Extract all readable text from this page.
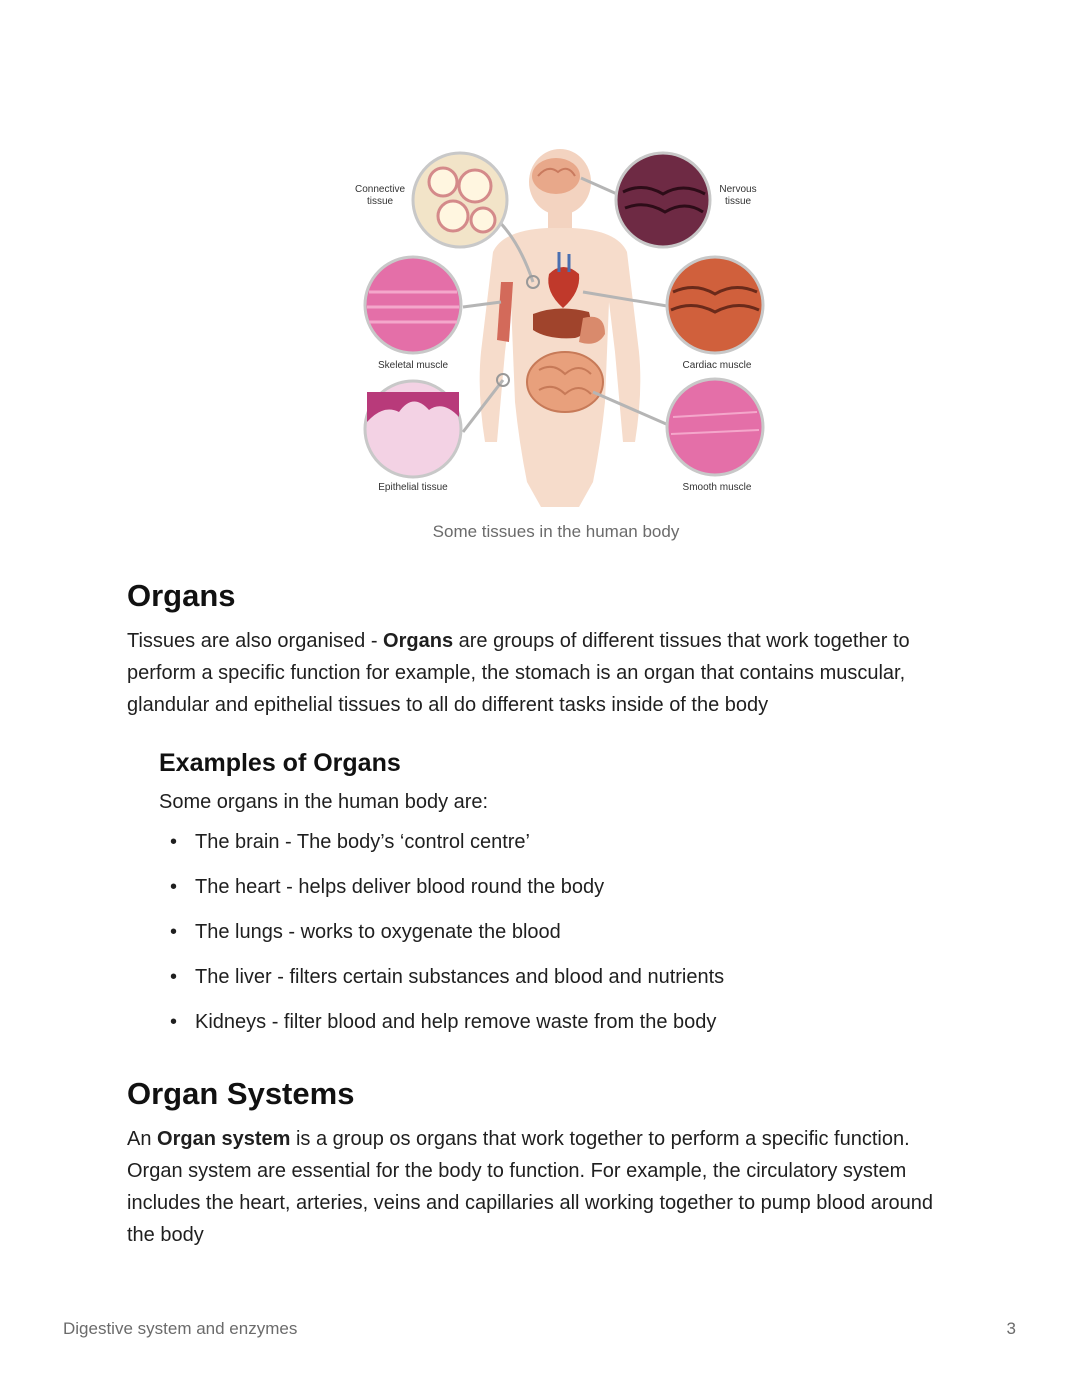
Connective
tissue
Nervous
tissue
Skeletal muscle	Cardiac muscle
Epithelial tissue	Smooth muscle
Some tissues in the human body
Organs

Tissues are also organised - Organs are groups of different tissues that work together to perform a specific function for example, the stomach is an organ that contains muscular, glandular and epithelial tissues to all do different tasks inside of the body

Examples of Organs

Some organs in the human body are:

• The brain - The body’s ‘control centre’
• The heart - helps deliver blood round the body
• The lungs - works to oxygenate the blood
• The liver - filters certain substances and blood and nutrients
• Kidneys - filter blood and help remove waste from the body
Organ Systems

An Organ system is a group os organs that work together to perform a specific function. Organ system are essential for the body to function. For example, the circulatory system includes the heart, arteries, veins and capillaries all working together to pump blood around the body

Digestive system and enzymes	3
